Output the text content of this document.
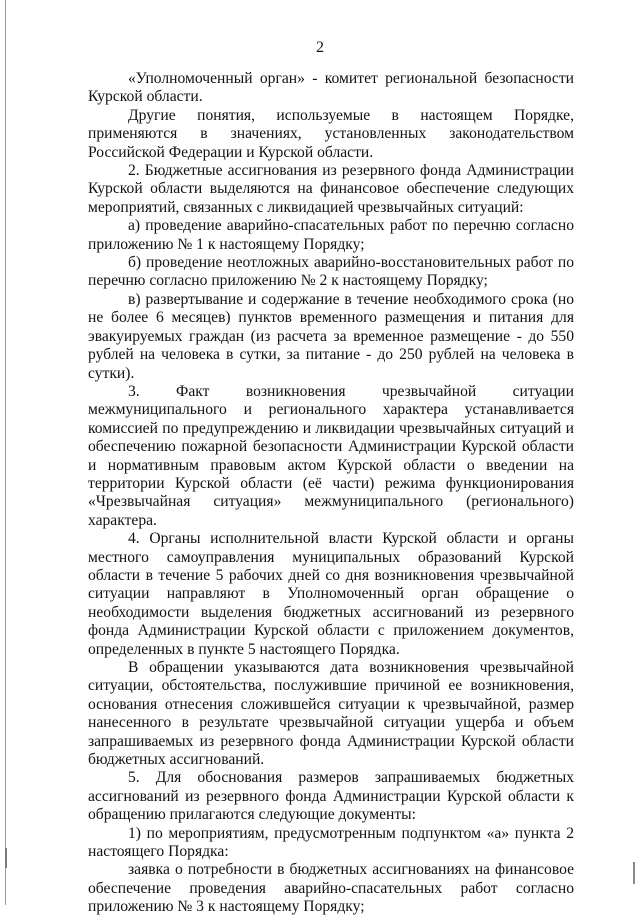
2

«Уполномоченный орган» - комитет региональной безопасности Курской области.

Другие понятия, используемые в настоящем Порядке, применяются в значениях, установленных законодательством Российской Федерации и Курской области.

2. Бюджетные ассигнования из резервного фонда Администрации Курской области выделяются на финансовое обеспечение следующих мероприятий, связанных с ликвидацией чрезвычайных ситуаций:

а) проведение аварийно-спасательных работ по перечню согласно приложению № 1 к настоящему Порядку;

б) проведение неотложных аварийно-восстановительных работ по перечню согласно приложению № 2 к настоящему Порядку;

в) развертывание и содержание в течение необходимого срока (но не более 6 месяцев) пунктов временного размещения и питания для эвакуируемых граждан (из расчета за временное размещение - до 550 рублей на человека в сутки, за питание - до 250 рублей на человека в сутки).

3. Факт возникновения чрезвычайной ситуации межмуниципального и регионального характера устанавливается комиссией по предупреждению и ликвидации чрезвычайных ситуаций и обеспечению пожарной безопасности Администрации Курской области и нормативным правовым актом Курской области о введении на территории Курской области (её части) режима функционирования «Чрезвычайная ситуация» межмуниципального (регионального) характера.

4. Органы исполнительной власти Курской области и органы местного самоуправления муниципальных образований Курской области в течение 5 рабочих дней со дня возникновения чрезвычайной ситуации направляют в Уполномоченный орган обращение о необходимости выделения бюджетных ассигнований из резервного фонда Администрации Курской области с приложением документов, определенных в пункте 5 настоящего Порядка.

В обращении указываются дата возникновения чрезвычайной ситуации, обстоятельства, послужившие причиной ее возникновения, основания отнесения сложившейся ситуации к чрезвычайной, размер нанесенного в результате чрезвычайной ситуации ущерба и объем запрашиваемых из резервного фонда Администрации Курской области бюджетных ассигнований.

5. Для обоснования размеров запрашиваемых бюджетных ассигнований из резервного фонда Администрации Курской области к обращению прилагаются следующие документы:

1) по мероприятиям, предусмотренным подпунктом «а» пункта 2 настоящего Порядка:

заявка о потребности в бюджетных ассигнованиях на финансовое обеспечение проведения аварийно-спасательных работ согласно приложению № 3 к настоящему Порядку;
